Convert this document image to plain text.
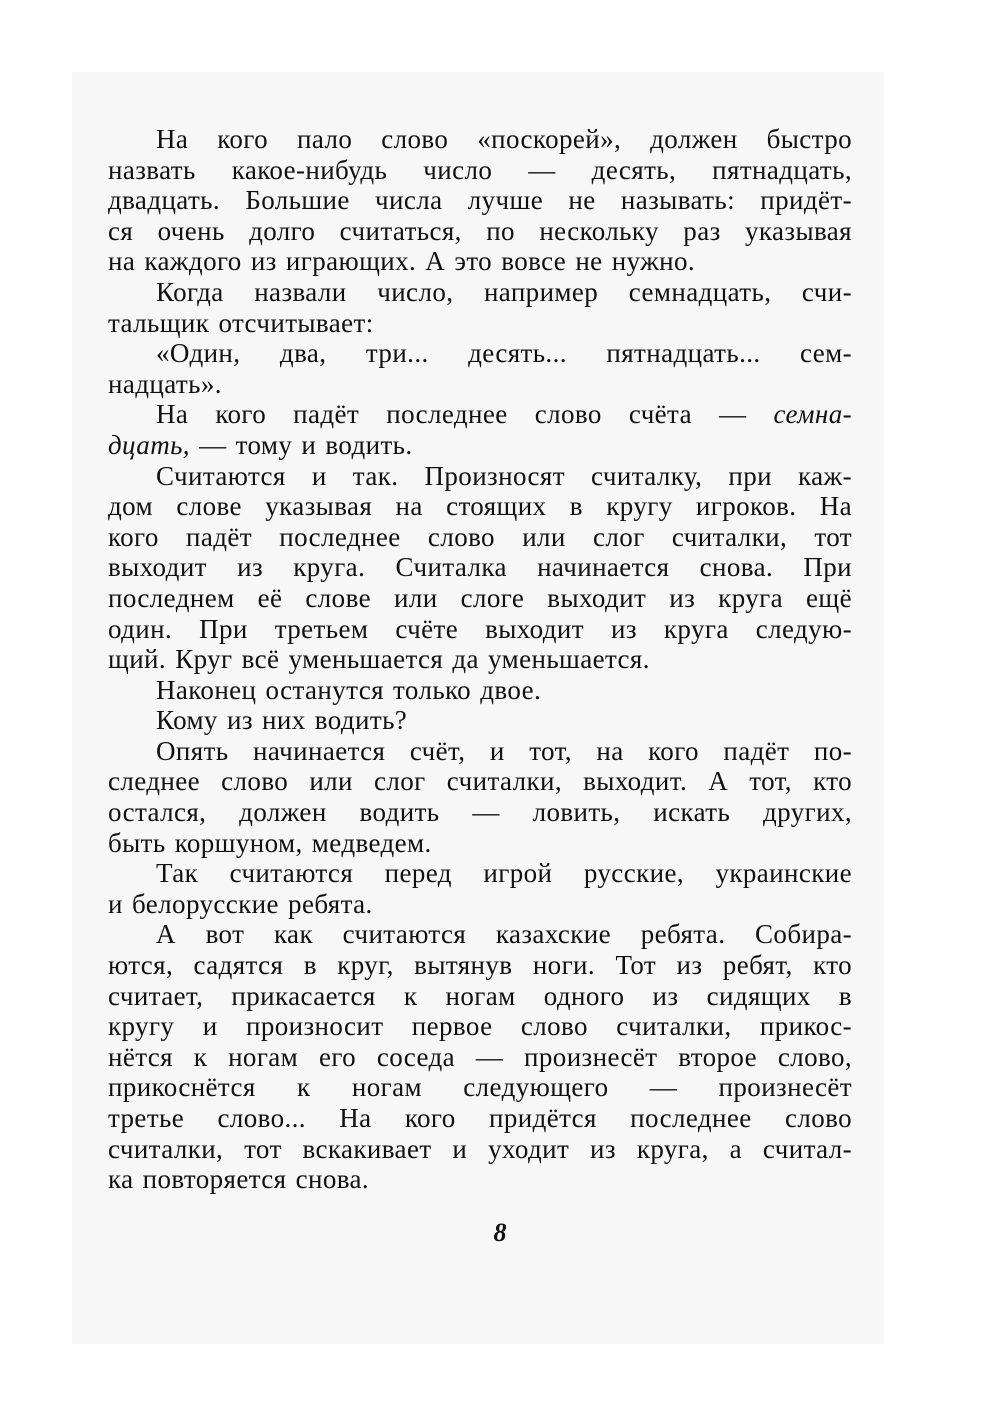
На кого пало слово «поскорей», должен быстро
назвать какое-нибудь число — десять, пятнадцать,
двадцать. Большие числа лучше не называть: придёт-
ся очень долго считаться, по нескольку раз указывая
на каждого из играющих. А это вовсе не нужно.
Когда назвали число, например семнадцать, счи-
тальщик отсчитывает:
«Один, два, три... десять... пятнадцать... сем-
надцать».
На кого падёт последнее слово счёта — семна-
дцать, — тому и водить.
Считаются и так. Произносят считалку, при каж-
дом слове указывая на стоящих в кругу игроков. На
кого падёт последнее слово или слог считалки, тот
выходит из круга. Считалка начинается снова. При
последнем её слове или слоге выходит из круга ещё
один. При третьем счёте выходит из круга следую-
щий. Круг всё уменьшается да уменьшается.
Наконец останутся только двое.
Кому из них водить?
Опять начинается счёт, и тот, на кого падёт по-
следнее слово или слог считалки, выходит. А тот, кто
остался, должен водить — ловить, искать других,
быть коршуном, медведем.
Так считаются перед игрой русские, украинские
и белорусские ребята.
А вот как считаются казахские ребята. Собира-
ются, садятся в круг, вытянув ноги. Тот из ребят, кто
считает, прикасается к ногам одного из сидящих в
кругу и произносит первое слово считалки, прикос-
нётся к ногам его соседа — произнесёт второе слово,
прикоснётся к ногам следующего — произнесёт
третье слово... На кого придётся последнее слово
считалки, тот вскакивает и уходит из круга, а считал-
ка повторяется снова.
8
